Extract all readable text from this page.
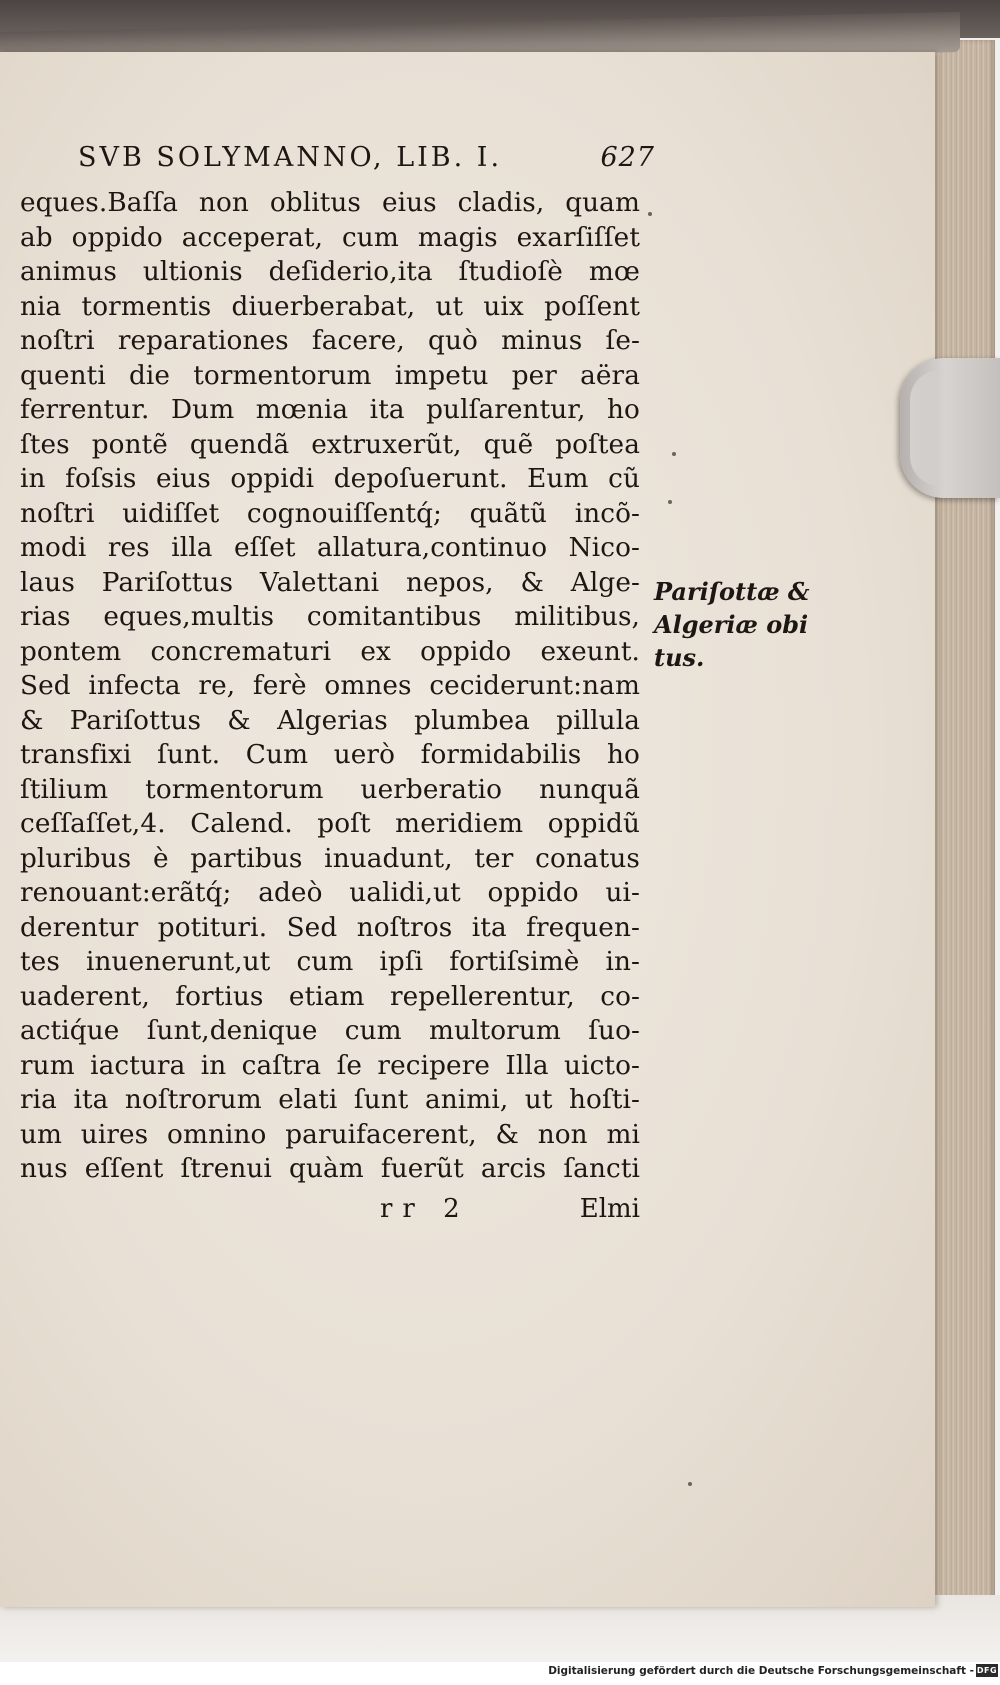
SVB SOLYMANNO, LIB. I.	627
eques.Baſſa non oblitus eius cladis, quam
ab oppido acceperat, cum magis exarſiſſet
animus ultionis deſiderio,ita ſtudioſè mœ
nia tormentis diuerberabat, ut uix poſſent
noſtri reparationes facere, quò minus ſe-
quenti die tormentorum impetu per aëra
ferrentur. Dum mœnia ita pulſarentur, ho
ſtes pontẽ quendã extruxerũt, quẽ poſtea
in foſsis eius oppidi depoſuerunt. Eum cũ
noſtri uidiſſet cognouiſſentq́; quãtũ incõ-
modi res illa eſſet allatura,continuo Nico-
laus Pariſottus Valettani nepos, & Alge-
rias eques,multis comitantibus militibus,
pontem concrematuri ex oppido exeunt.
Sed infecta re, ferè omnes ceciderunt:nam
& Pariſottus & Algerias plumbea pillula
transfixi ſunt. Cum uerò formidabilis ho
ſtilium tormentorum uerberatio nunquã
ceſſaſſet,4. Calend. poſt meridiem oppidũ
pluribus è partibus inuadunt, ter conatus
renouant:erãtq́; adeò ualidi,ut oppido ui-
derentur potituri. Sed noſtros ita frequen-
tes inuenerunt,ut cum ipſi fortiſsimè in-
uaderent, fortius etiam repellerentur, co-
actiq́ue ſunt,denique cum multorum ſuo-
rum iactura in caſtra ſe recipere Illa uicto-
ria ita noſtrorum elati ſunt animi, ut hoſti-
um uires omnino paruifacerent, & non mi
nus eſſent ſtrenui quàm fuerũt arcis ſancti
rr 2	Elmi
Pariſottæ &
Algeriæ obi
tus.
Digitalisierung gefördert durch die Deutsche Forschungsgemeinschaft - DFG
